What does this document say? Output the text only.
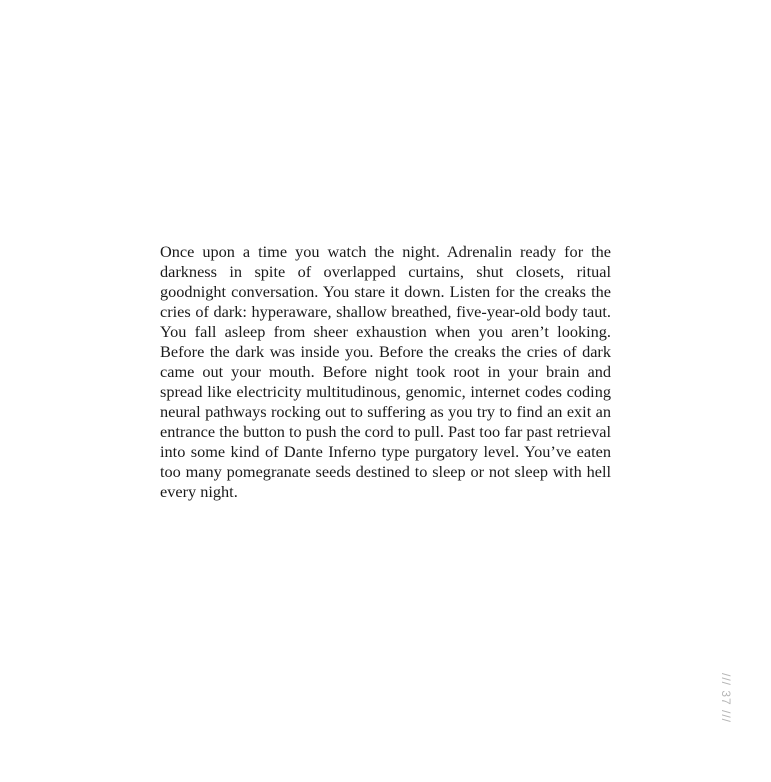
Once upon a time you watch the night. Adrenalin ready for the darkness in spite of overlapped curtains, shut closets, ritual goodnight conversation. You stare it down. Listen for the creaks the cries of dark: hyperaware, shallow breathed, five-year-old body taut. You fall asleep from sheer exhaustion when you aren’t looking. Before the dark was inside you. Before the creaks the cries of dark came out your mouth. Before night took root in your brain and spread like electricity multitudinous, genomic, internet codes coding neural pathways rocking out to suffering as you try to find an exit an entrance the button to push the cord to pull. Past too far past retrieval into some kind of Dante Inferno type purgatory level. You’ve eaten too many pomegranate seeds destined to sleep or not sleep with hell every night.

/// 37 ///
